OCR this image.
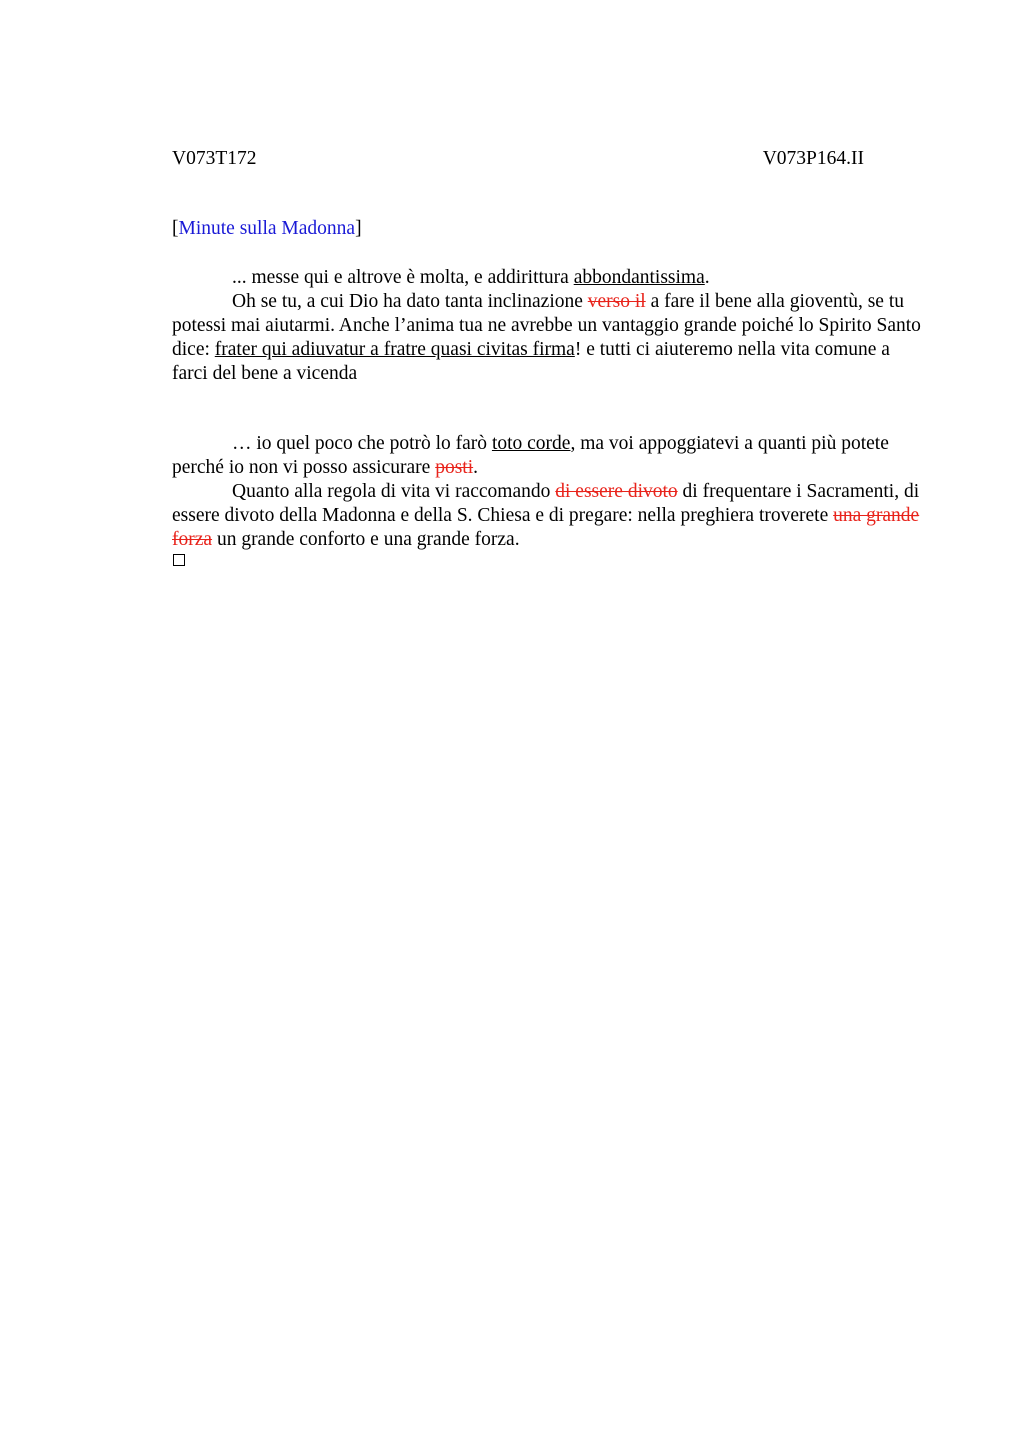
V073T172	V073P164.II
[Minute sulla Madonna]

... messe qui e altrove è molta, e addirittura abbondantissima.

Oh se tu, a cui Dio ha dato tanta inclinazione verso il a fare il bene alla gioventù, se tu potessi mai aiutarmi. Anche l’anima tua ne avrebbe un vantaggio grande poiché lo Spirito Santo dice: frater qui adiuvatur a fratre quasi civitas firma! e tutti ci aiuteremo nella vita comune a farci del bene a vicenda

… io quel poco che potrò lo farò toto corde, ma voi appoggiatevi a quanti più potete perché io non vi posso assicurare posti.

Quanto alla regola di vita vi raccomando di essere divoto di frequentare i Sacramenti, di essere divoto della Madonna e della S. Chiesa e di pregare: nella preghiera troverete una grande forza un grande conforto e una grande forza.
